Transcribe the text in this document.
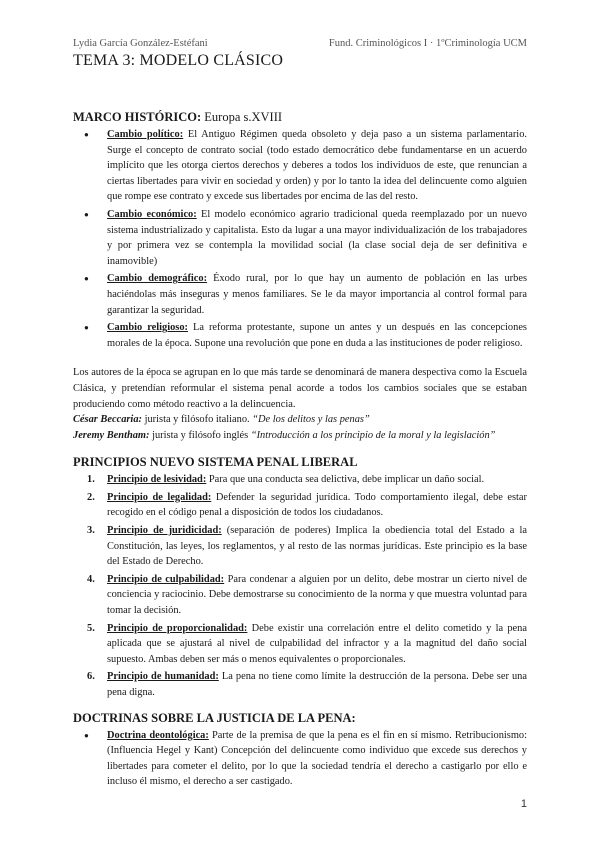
Lydia García González-Estéfani	Fund. Criminológicos I · 1ºCriminología UCM
TEMA 3: MODELO CLÁSICO
MARCO HISTÓRICO: Europa s.XVIII
● Cambio político: El Antiguo Régimen queda obsoleto y deja paso a un sistema parlamentario. Surge el concepto de contrato social (todo estado democrático debe fundamentarse en un acuerdo implícito que les otorga ciertos derechos y deberes a todos los individuos de este, que renuncian a ciertas libertades para vivir en sociedad y orden) y por lo tanto la idea del delincuente como alguien que rompe ese contrato y excede sus libertades por encima de las del resto.
● Cambio económico: El modelo económico agrario tradicional queda reemplazado por un nuevo sistema industrializado y capitalista. Esto da lugar a una mayor individualización de los trabajadores y por primera vez se contempla la movilidad social (la clase social deja de ser definitiva e inamovible)
● Cambio demográfico: Éxodo rural, por lo que hay un aumento de población en las urbes haciéndolas más inseguras y menos familiares. Se le da mayor importancia al control formal para garantizar la seguridad.
● Cambio religioso: La reforma protestante, supone un antes y un después en las concepciones morales de la época. Supone una revolución que pone en duda a las instituciones de poder religioso.

Los autores de la época se agrupan en lo que más tarde se denominará de manera despectiva como la Escuela Clásica, y pretendían reformular el sistema penal acorde a todos los cambios sociales que se estaban produciendo como método reactivo a la delincuencia.

César Beccaria: jurista y filósofo italiano. “De los delitos y las penas”

Jeremy Bentham: jurista y filósofo inglés “Introducción a los principio de la moral y la legislación”

PRINCIPIOS NUEVO SISTEMA PENAL LIBERAL
1. Principio de lesividad: Para que una conducta sea delictiva, debe implicar un daño social.
2. Principio de legalidad: Defender la seguridad jurídica. Todo comportamiento ilegal, debe estar recogido en el código penal a disposición de todos los ciudadanos.
3. Principio de juridicidad: (separación de poderes) Implica la obediencia total del Estado a la Constitución, las leyes, los reglamentos, y al resto de las normas jurídicas. Este principio es la base del Estado de Derecho.
4. Principio de culpabilidad: Para condenar a alguien por un delito, debe mostrar un cierto nivel de conciencia y raciocinio. Debe demostrarse su conocimiento de la norma y que muestra voluntad para tomar la decisión.
5. Principio de proporcionalidad: Debe existir una correlación entre el delito cometido y la pena aplicada que se ajustará al nivel de culpabilidad del infractor y a la magnitud del daño social supuesto. Ambas deben ser más o menos equivalentes o proporcionales.
6. Principio de humanidad: La pena no tiene como límite la destrucción de la persona. Debe ser una pena digna.
DOCTRINAS SOBRE LA JUSTICIA DE LA PENA:
● Doctrina deontológica: Parte de la premisa de que la pena es el fin en sí mismo. Retribucionismo: (Influencia Hegel y Kant) Concepción del delincuente como individuo que excede sus derechos y libertades para cometer el delito, por lo que la sociedad tendría el derecho a castigarlo por ello e incluso él mismo, el derecho a ser castigado.
1
